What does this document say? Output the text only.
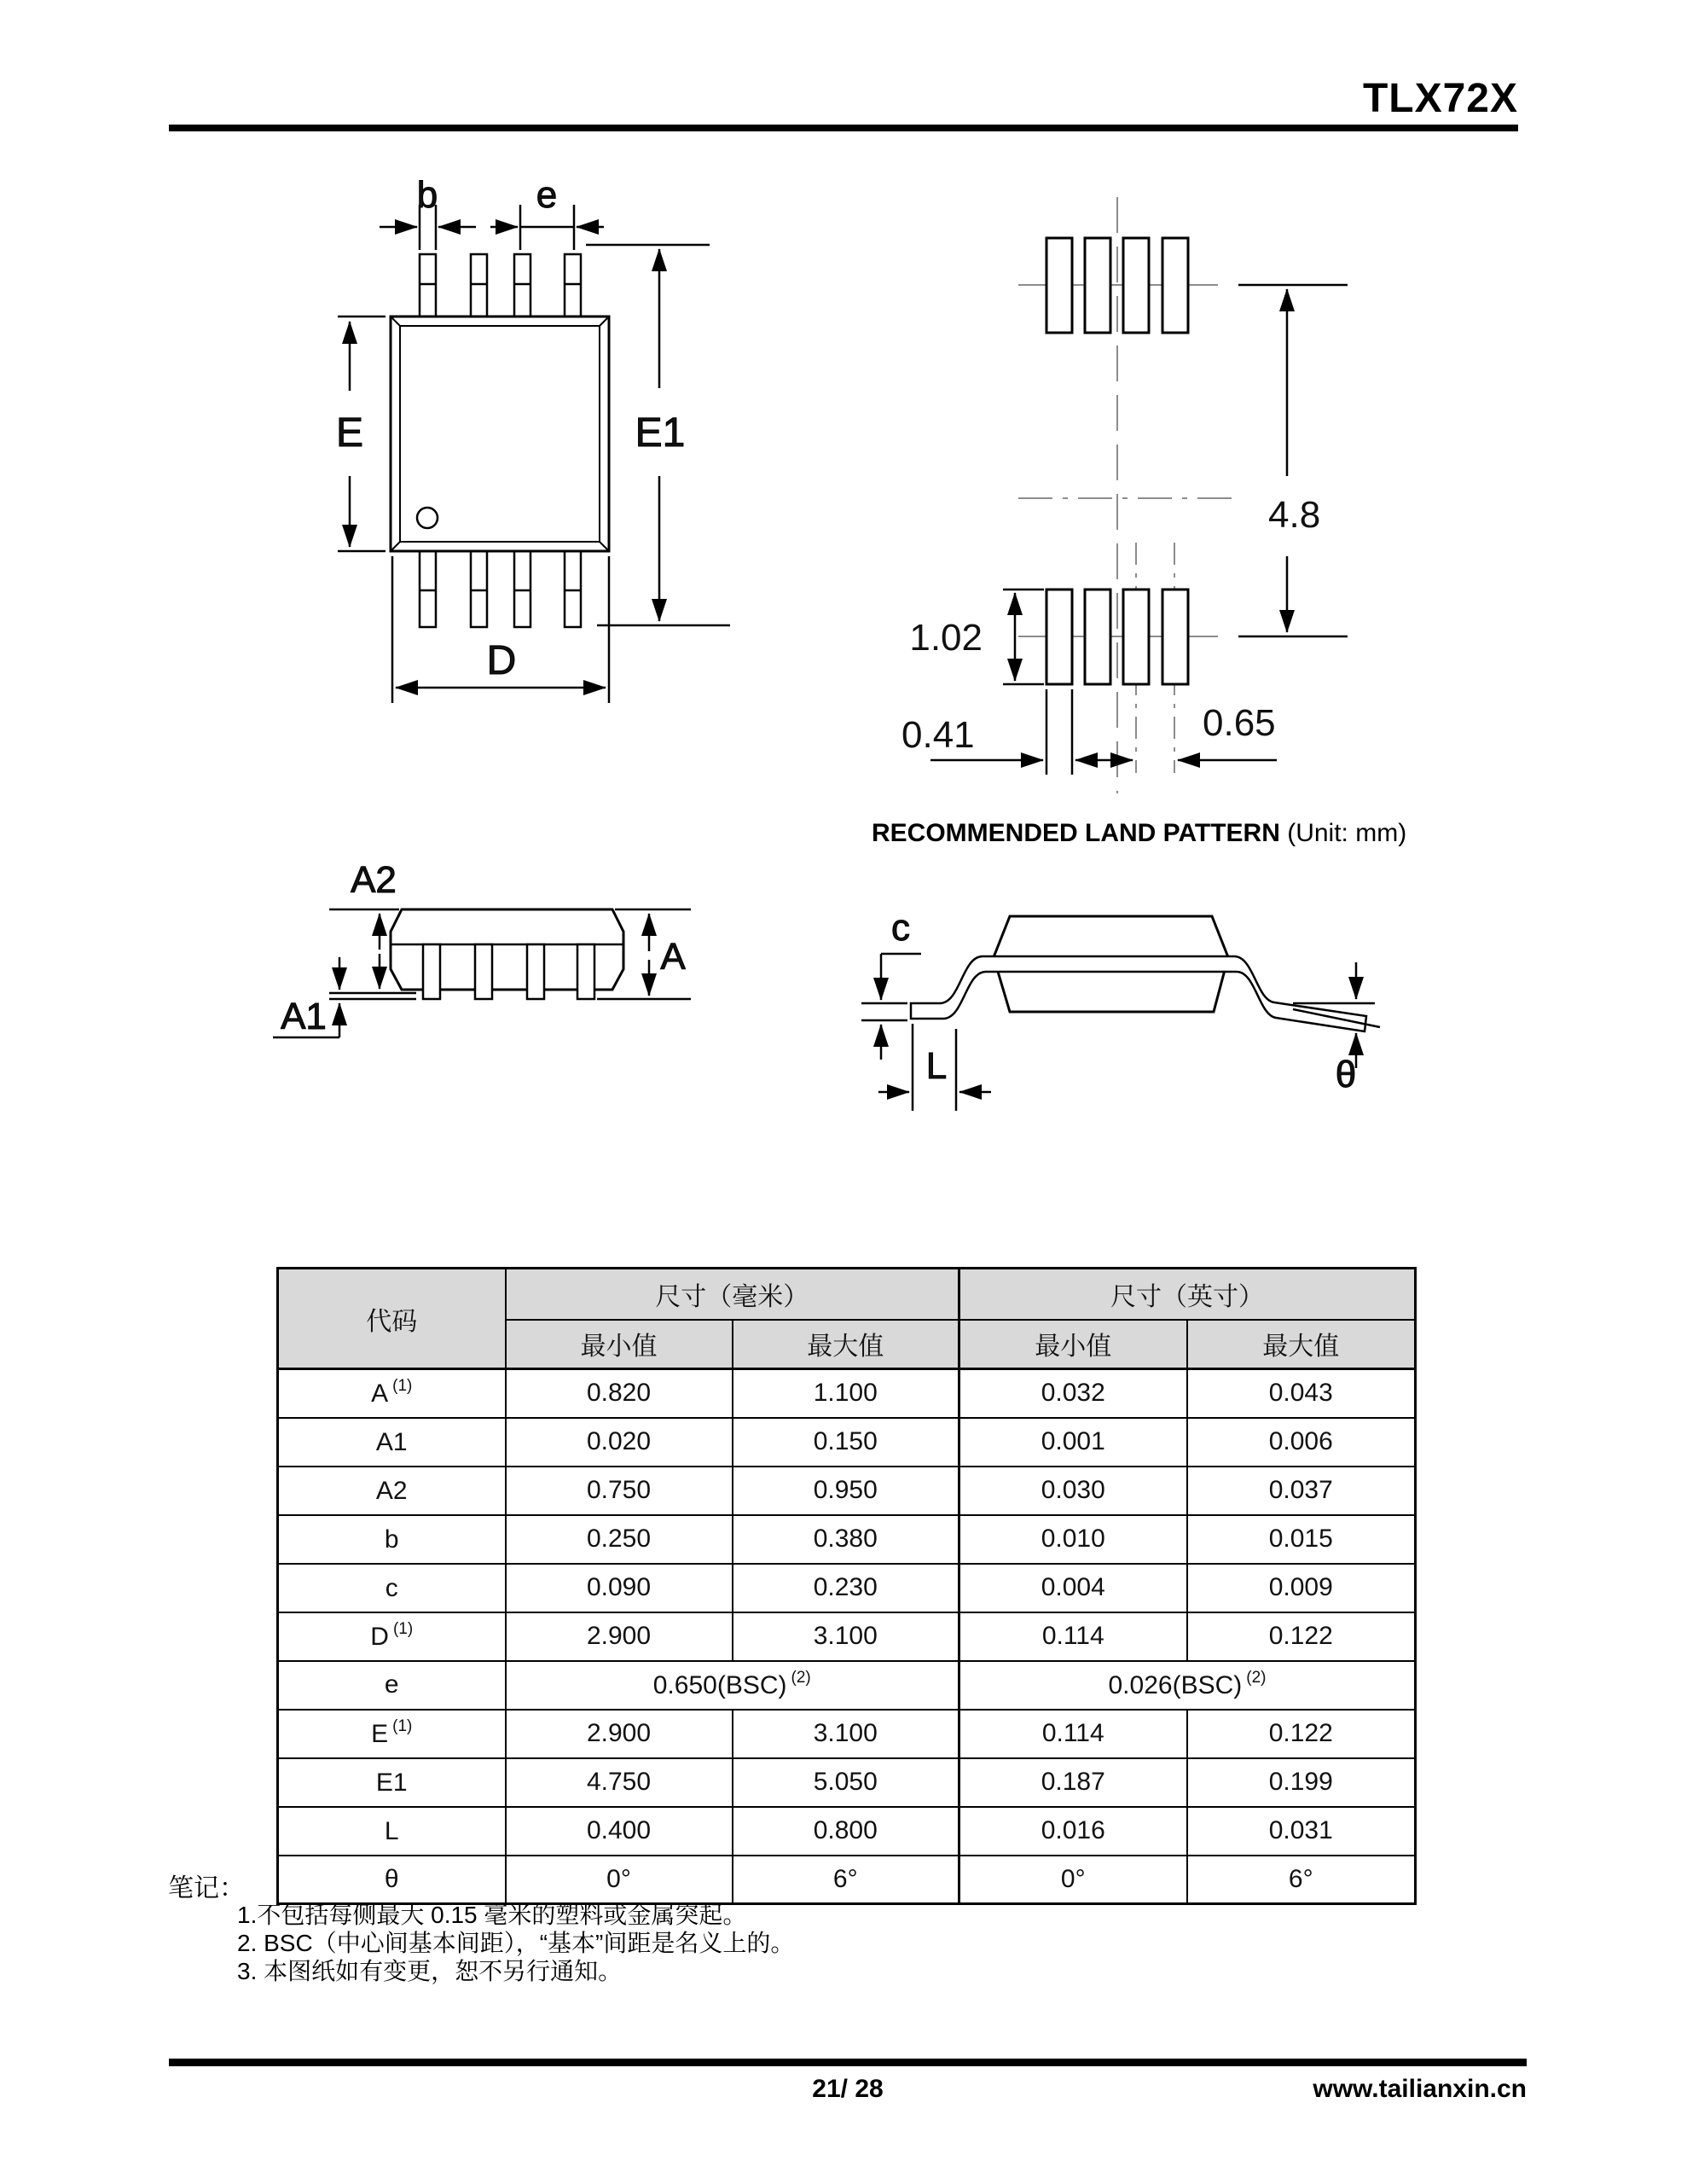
TLX72X
b	e
E	E1
D
4.8
1.02
0.41	0.65
A2
A1
A
c
L	θ
RECOMMENDED LAND PATTERN (Unit: mm)
代码	尺寸（毫米）		尺寸（英寸）	
	最小值	最大值	最小值	最大值
A $^{(1)}$	0.820	1.100	0.032	0.043
A1	0.020	0.150	0.001	0.006
A2	0.750	0.950	0.030	0.037
b	0.250	0.380	0.010	0.015
c	0.090	0.230	0.004	0.009
D $^{(1)}$	2.900	3.100	0.114	0.122
e	0.650(BSC) $^{(2)}$		0.026(BSC) $^{(2)}$
E $^{(1)}$	2.900	3.100	0.114	0.122
E1	4.750	5.050	0.187	0.199
L	0.400	0.800	0.016	0.031
θ	0°	6°	0°	6°
笔记：
1.不包括每侧最大 0.15 毫米的塑料或金属突起。
2. BSC（中心间基本间距），“基本”间距是名义上的。
3. 本图纸如有变更，恕不另行通知。
21/ 28	www.tailianxin.cn
